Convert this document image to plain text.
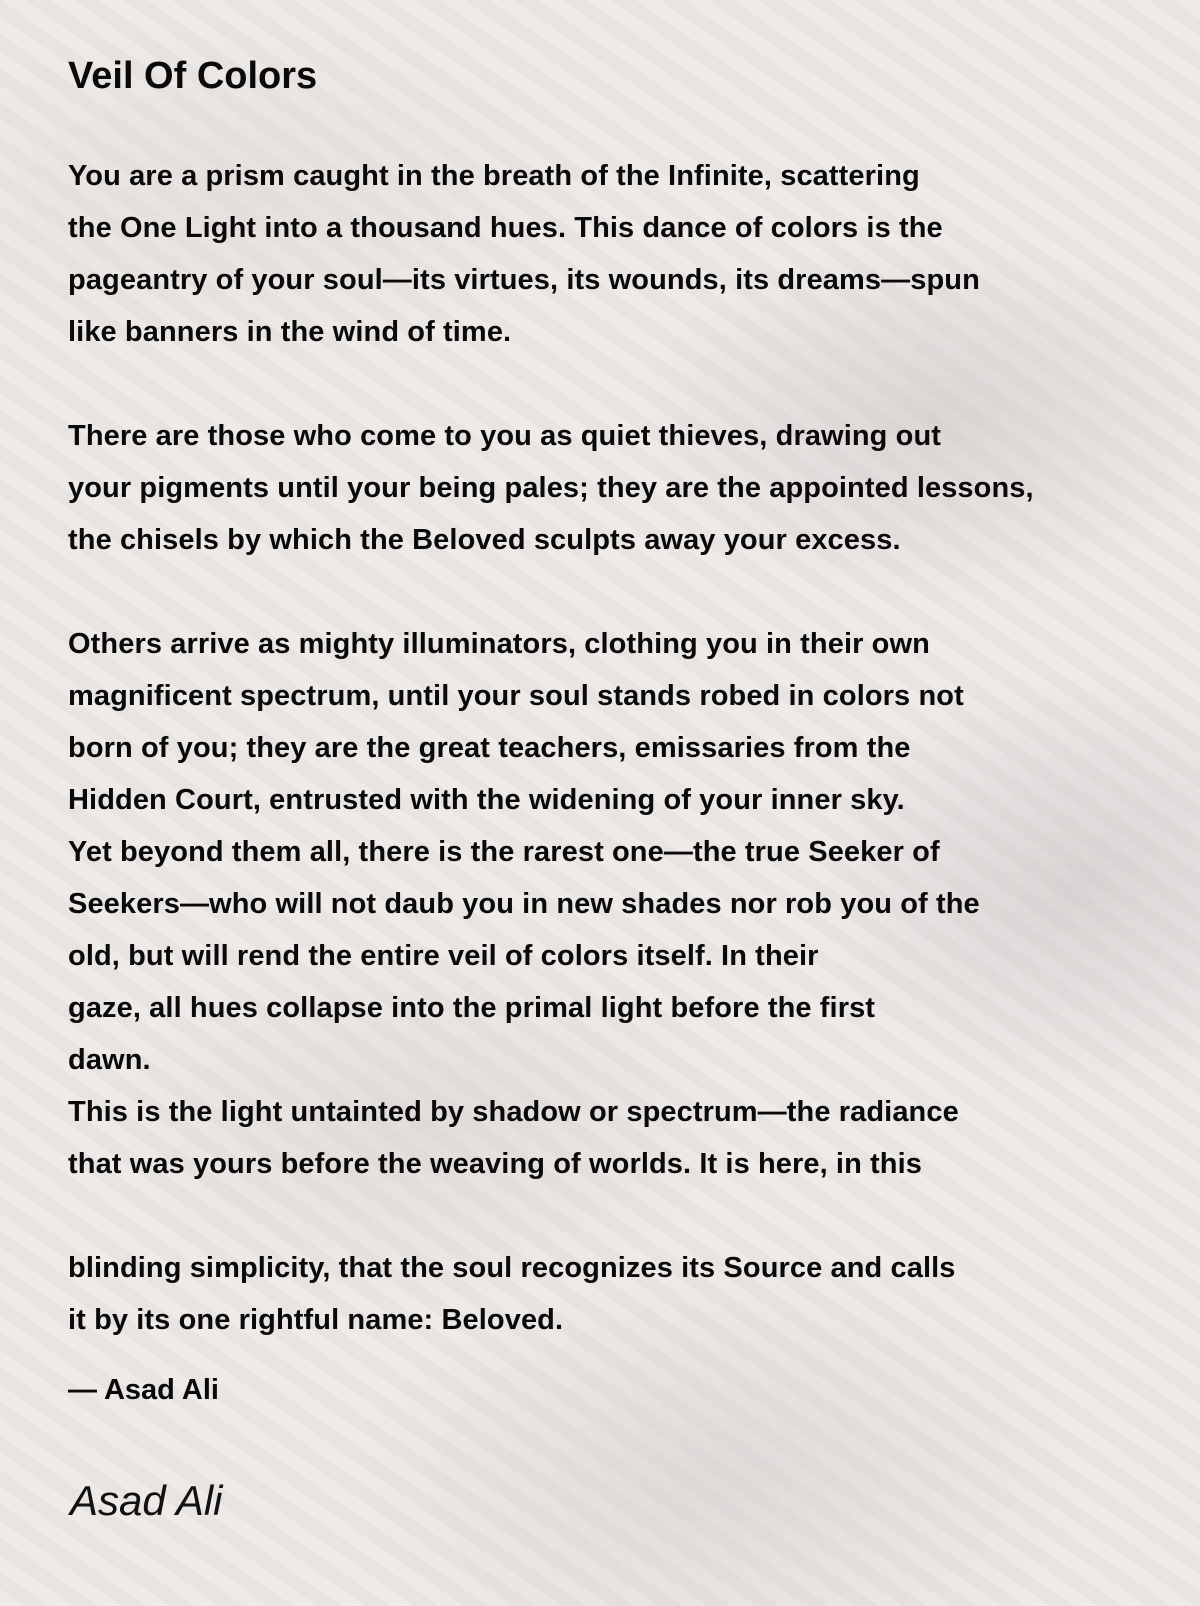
Veil Of Colors
You are a prism caught in the breath of the Infinite, scattering
the One Light into a thousand hues. This dance of colors is the
pageantry of your soul—its virtues, its wounds, its dreams—spun
like banners in the wind of time.
There are those who come to you as quiet thieves, drawing out
your pigments until your being pales; they are the appointed lessons,
the chisels by which the Beloved sculpts away your excess.
Others arrive as mighty illuminators, clothing you in their own
magnificent spectrum, until your soul stands robed in colors not
born of you; they are the great teachers, emissaries from the
Hidden Court, entrusted with the widening of your inner sky.
Yet beyond them all, there is the rarest one—the true Seeker of
Seekers—who will not daub you in new shades nor rob you of the
old, but will rend the entire veil of colors itself. In their
gaze, all hues collapse into the primal light before the first
dawn.
This is the light untainted by shadow or spectrum—the radiance
that was yours before the weaving of worlds. It is here, in this
blinding simplicity, that the soul recognizes its Source and calls
it by its one rightful name: Beloved.
— Asad Ali
Asad Ali
